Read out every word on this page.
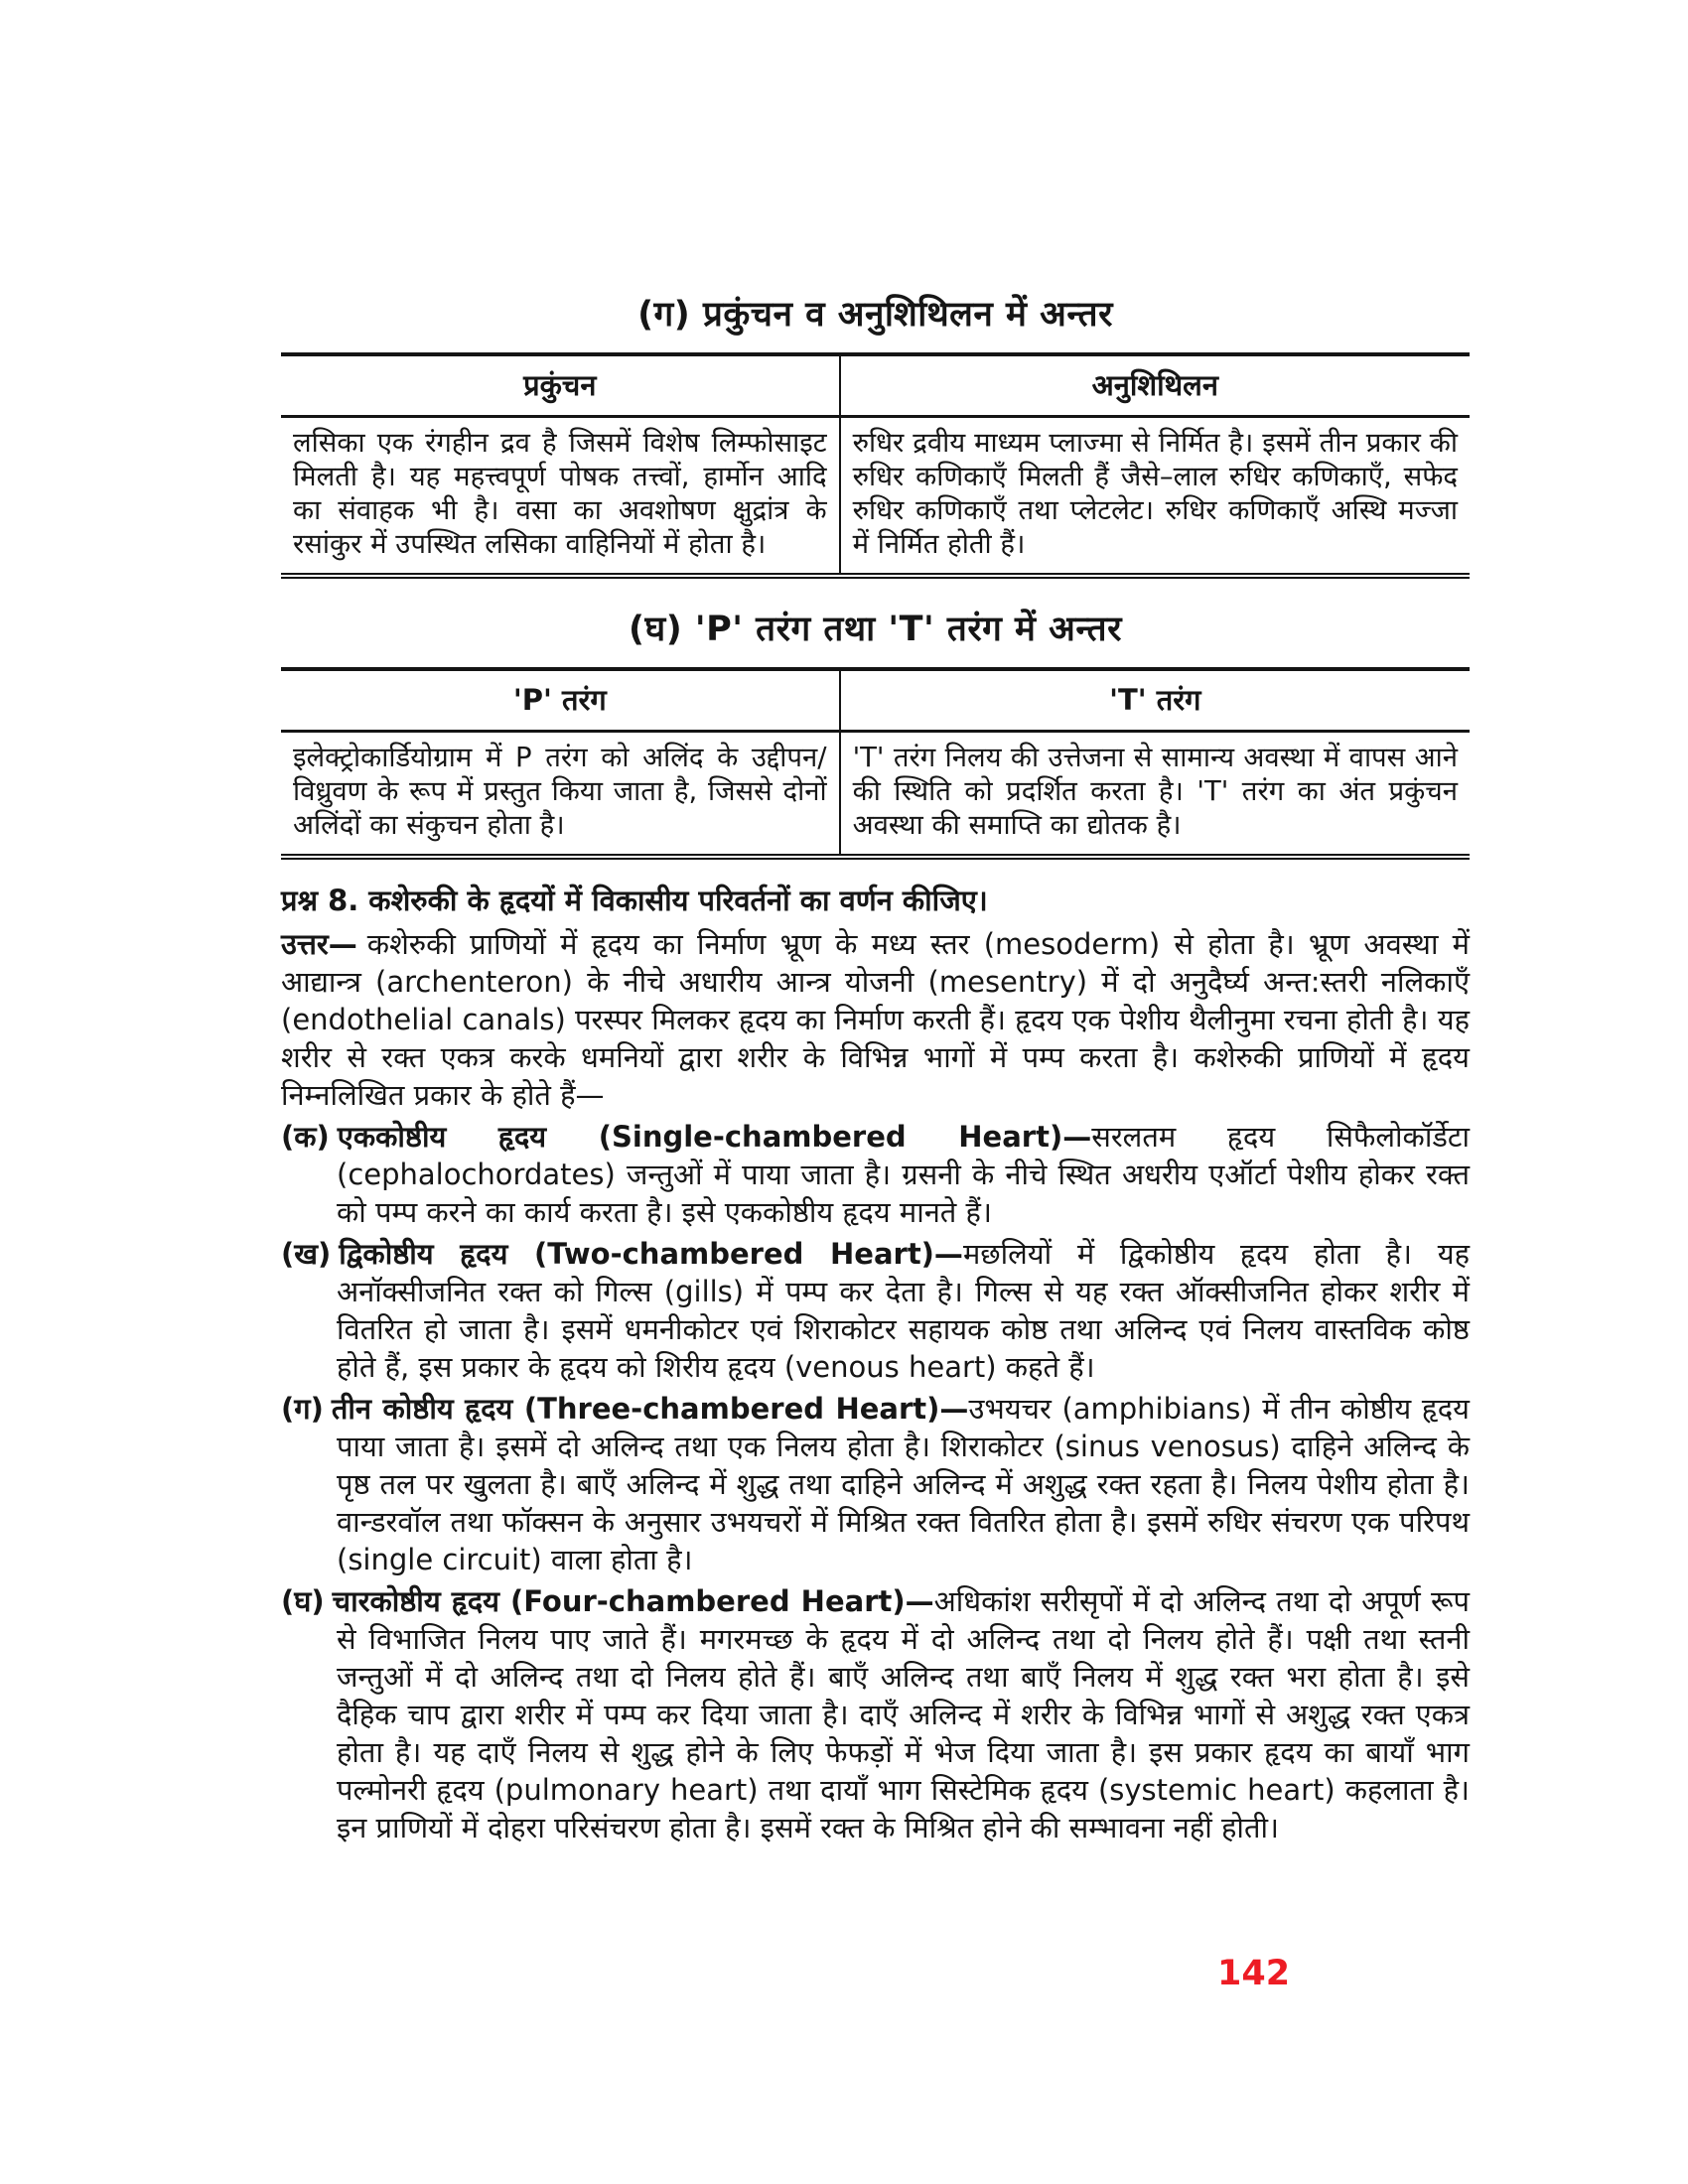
(ग) प्रकुंचन व अनुशिथिलन में अन्तर
प्रकुंचन	अनुशिथिलन
लसिका एक रंगहीन द्रव है जिसमें विशेष लिम्फोसाइट मिलती है। यह महत्त्वपूर्ण पोषक तत्त्वों, हार्मोन आदि का संवाहक भी है। वसा का अवशोषण क्षुद्रांत्र के रसांकुर में उपस्थित लसिका वाहिनियों में होता है।	रुधिर द्रवीय माध्यम प्लाज्मा से निर्मित है। इसमें तीन प्रकार की रुधिर कणिकाएँ मिलती हैं जैसे–लाल रुधिर कणिकाएँ, सफेद रुधिर कणिकाएँ तथा प्लेटलेट। रुधिर कणिकाएँ अस्थि मज्जा में निर्मित होती हैं।
(घ) 'P' तरंग तथा 'T' तरंग में अन्तर
'P' तरंग	'T' तरंग
इलेक्ट्रोकार्डियोग्राम में P तरंग को अलिंद के उद्दीपन/विध्रुवण के रूप में प्रस्तुत किया जाता है, जिससे दोनों अलिंदों का संकुचन होता है।	'T' तरंग निलय की उत्तेजना से सामान्य अवस्था में वापस आने की स्थिति को प्रदर्शित करता है। 'T' तरंग का अंत प्रकुंचन अवस्था की समाप्ति का द्योतक है।

प्रश्न 8. कशेरुकी के हृदयों में विकासीय परिवर्तनों का वर्णन कीजिए।

उत्तर— कशेरुकी प्राणियों में हृदय का निर्माण भ्रूण के मध्य स्तर (mesoderm) से होता है। भ्रूण अवस्था में आद्यान्त्र (archenteron) के नीचे अधारीय आन्त्र योजनी (mesentry) में दो अनुदैर्घ्य अन्त:स्तरी नलिकाएँ (endothelial canals) परस्पर मिलकर हृदय का निर्माण करती हैं। हृदय एक पेशीय थैलीनुमा रचना होती है। यह शरीर से रक्त एकत्र करके धमनियों द्वारा शरीर के विभिन्न भागों में पम्प करता है। कशेरुकी प्राणियों में हृदय निम्नलिखित प्रकार के होते हैं—

(क) एककोष्ठीय हृदय (Single-chambered Heart)—सरलतम हृदय सिफैलोकॉर्डेटा (cephalochordates) जन्तुओं में पाया जाता है। ग्रसनी के नीचे स्थित अधरीय एऑर्टा पेशीय होकर रक्त को पम्प करने का कार्य करता है। इसे एककोष्ठीय हृदय मानते हैं।

(ख) द्विकोष्ठीय हृदय (Two-chambered Heart)—मछलियों में द्विकोष्ठीय हृदय होता है। यह अनॉक्सीजनित रक्त को गिल्स (gills) में पम्प कर देता है। गिल्स से यह रक्त ऑक्सीजनित होकर शरीर में वितरित हो जाता है। इसमें धमनीकोटर एवं शिराकोटर सहायक कोष्ठ तथा अलिन्द एवं निलय वास्तविक कोष्ठ होते हैं, इस प्रकार के हृदय को शिरीय हृदय (venous heart) कहते हैं।

(ग) तीन कोष्ठीय हृदय (Three-chambered Heart)—उभयचर (amphibians) में तीन कोष्ठीय हृदय पाया जाता है। इसमें दो अलिन्द तथा एक निलय होता है। शिराकोटर (sinus venosus) दाहिने अलिन्द के पृष्ठ तल पर खुलता है। बाएँ अलिन्द में शुद्ध तथा दाहिने अलिन्द में अशुद्ध रक्त रहता है। निलय पेशीय होता है। वान्डरवॉल तथा फॉक्सन के अनुसार उभयचरों में मिश्रित रक्त वितरित होता है। इसमें रुधिर संचरण एक परिपथ (single circuit) वाला होता है।

(घ) चारकोष्ठीय हृदय (Four-chambered Heart)—अधिकांश सरीसृपों में दो अलिन्द तथा दो अपूर्ण रूप से विभाजित निलय पाए जाते हैं। मगरमच्छ के हृदय में दो अलिन्द तथा दो निलय होते हैं। पक्षी तथा स्तनी जन्तुओं में दो अलिन्द तथा दो निलय होते हैं। बाएँ अलिन्द तथा बाएँ निलय में शुद्ध रक्त भरा होता है। इसे दैहिक चाप द्वारा शरीर में पम्प कर दिया जाता है। दाएँ अलिन्द में शरीर के विभिन्न भागों से अशुद्ध रक्त एकत्र होता है। यह दाएँ निलय से शुद्ध होने के लिए फेफड़ों में भेज दिया जाता है। इस प्रकार हृदय का बायाँ भाग पल्मोनरी हृदय (pulmonary heart) तथा दायाँ भाग सिस्टेमिक हृदय (systemic heart) कहलाता है। इन प्राणियों में दोहरा परिसंचरण होता है। इसमें रक्त के मिश्रित होने की सम्भावना नहीं होती।

142
